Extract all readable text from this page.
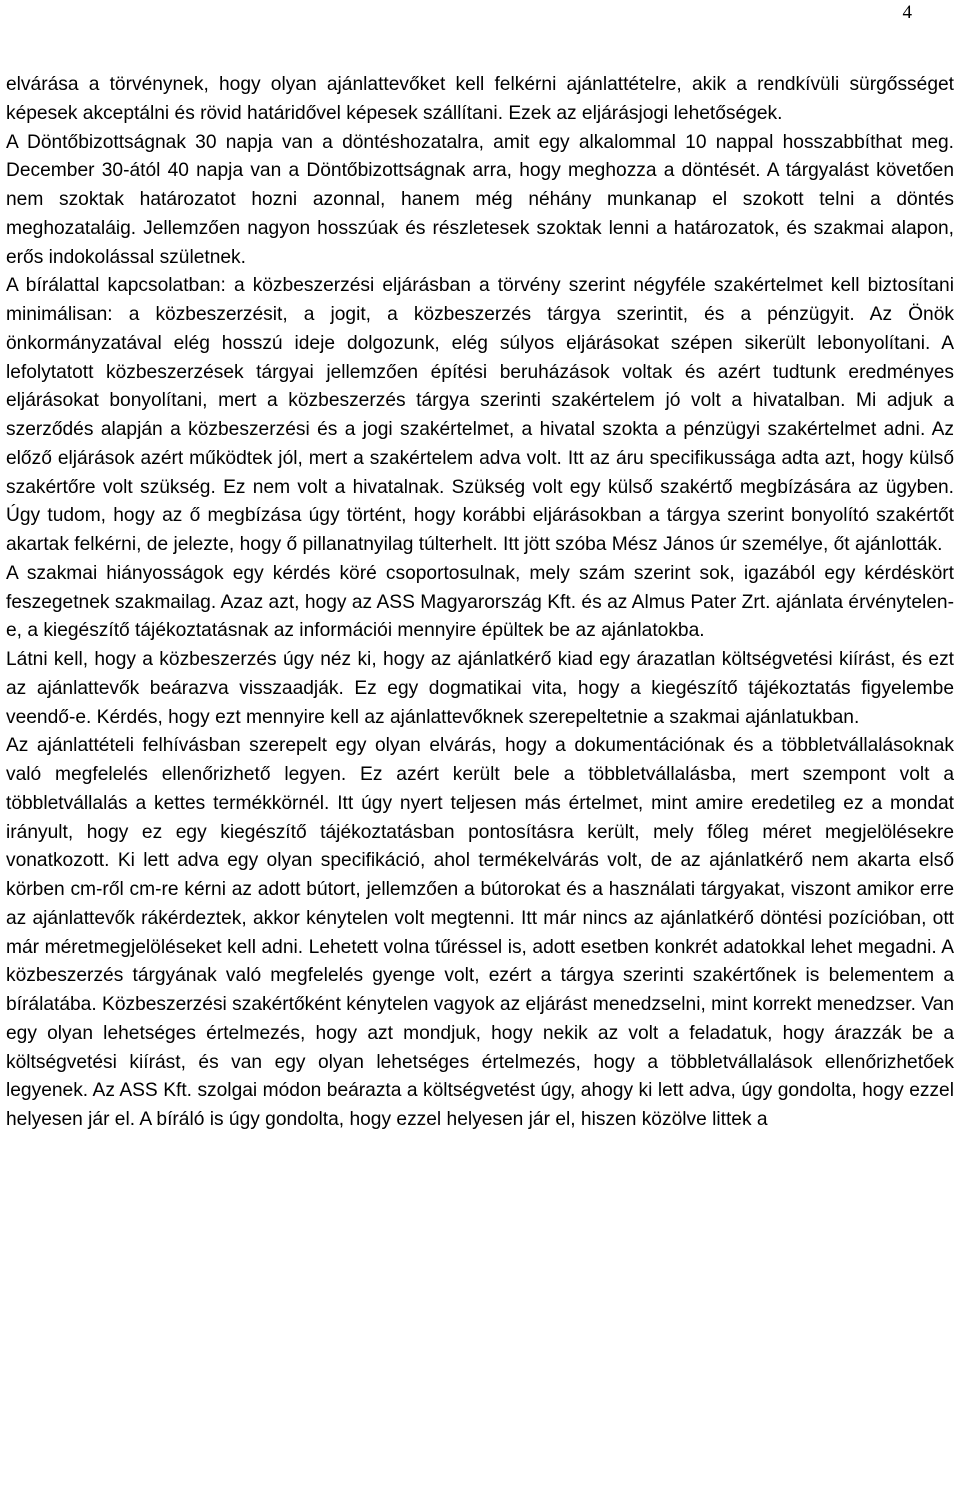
4

elvárása a törvénynek, hogy olyan ajánlattevőket kell felkérni ajánlattételre, akik a rendkívüli sürgősséget képesek akceptálni és rövid határidővel képesek szállítani. Ezek az eljárásjogi lehetőségek.

A Döntőbizottságnak 30 napja van a döntéshozatalra, amit egy alkalommal 10 nappal hosszabbíthat meg. December 30-ától 40 napja van a Döntőbizottságnak arra, hogy meghozza a döntését. A tárgyalást követően nem szoktak határozatot hozni azonnal, hanem még néhány munkanap el szokott telni a döntés meghozataláig. Jellemzően nagyon hosszúak és részletesek szoktak lenni a határozatok, és szakmai alapon, erős indokolással születnek.

A bírálattal kapcsolatban: a közbeszerzési eljárásban a törvény szerint négyféle szakértelmet kell biztosítani minimálisan: a közbeszerzésit, a jogit, a közbeszerzés tárgya szerintit, és a pénzügyit. Az Önök önkormányzatával elég hosszú ideje dolgozunk, elég súlyos eljárásokat szépen sikerült lebonyolítani. A lefolytatott közbeszerzések tárgyai jellemzően építési beruházások voltak és azért tudtunk eredményes eljárásokat bonyolítani, mert a közbeszerzés tárgya szerinti szakértelem jó volt a hivatalban. Mi adjuk a szerződés alapján a közbeszerzési és a jogi szakértelmet, a hivatal szokta a pénzügyi szakértelmet adni. Az előző eljárások azért működtek jól, mert a szakértelem adva volt. Itt az áru specifikussága adta azt, hogy külső szakértőre volt szükség. Ez nem volt a hivatalnak. Szükség volt egy külső szakértő megbízására az ügyben. Úgy tudom, hogy az ő megbízása úgy történt, hogy korábbi eljárásokban a tárgya szerint bonyolító szakértőt akartak felkérni, de jelezte, hogy ő pillanatnyilag túlterhelt. Itt jött szóba Mész János úr személye, őt ajánlották.

A szakmai hiányosságok egy kérdés köré csoportosulnak, mely szám szerint sok, igazából egy kérdéskört feszegetnek szakmailag. Azaz azt, hogy az ASS Magyarország Kft. és az Almus Pater Zrt. ajánlata érvénytelen-e, a kiegészítő tájékoztatásnak az információi mennyire épültek be az ajánlatokba.

Látni kell, hogy a közbeszerzés úgy néz ki, hogy az ajánlatkérő kiad egy árazatlan költségvetési kiírást, és ezt az ajánlattevők beárazva visszaadják. Ez egy dogmatikai vita, hogy a kiegészítő tájékoztatás figyelembe veendő-e. Kérdés, hogy ezt mennyire kell az ajánlattevőknek szerepeltetnie a szakmai ajánlatukban.

Az ajánlattételi felhívásban szerepelt egy olyan elvárás, hogy a dokumentációnak és a többletvállalásoknak való megfelelés ellenőrizhető legyen. Ez azért került bele a többletvállalásba, mert szempont volt a többletvállalás a kettes termékkörnél. Itt úgy nyert teljesen más értelmet, mint amire eredetileg ez a mondat irányult, hogy ez egy kiegészítő tájékoztatásban pontosításra került, mely főleg méret megjelölésekre vonatkozott. Ki lett adva egy olyan specifikáció, ahol termékelvárás volt, de az ajánlatkérő nem akarta első körben cm-ről cm-re kérni az adott bútort, jellemzően a bútorokat és a használati tárgyakat, viszont amikor erre az ajánlattevők rákérdeztek, akkor kénytelen volt megtenni. Itt már nincs az ajánlatkérő döntési pozícióban, ott már méretmegjelöléseket kell adni. Lehetett volna tűréssel is, adott esetben konkrét adatokkal lehet megadni. A közbeszerzés tárgyának való megfelelés gyenge volt, ezért a tárgya szerinti szakértőnek is belementem a bírálatába. Közbeszerzési szakértőként kénytelen vagyok az eljárást menedzselni, mint korrekt menedzser. Van egy olyan lehetséges értelmezés, hogy azt mondjuk, hogy nekik az volt a feladatuk, hogy árazzák be a költségvetési kiírást, és van egy olyan lehetséges értelmezés, hogy a többletvállalások ellenőrizhetőek legyenek. Az ASS Kft. szolgai módon beárazta a költségvetést úgy, ahogy ki lett adva, úgy gondolta, hogy ezzel helyesen jár el. A bíráló is úgy gondolta, hogy ezzel helyesen jár el, hiszen közölve littek a
